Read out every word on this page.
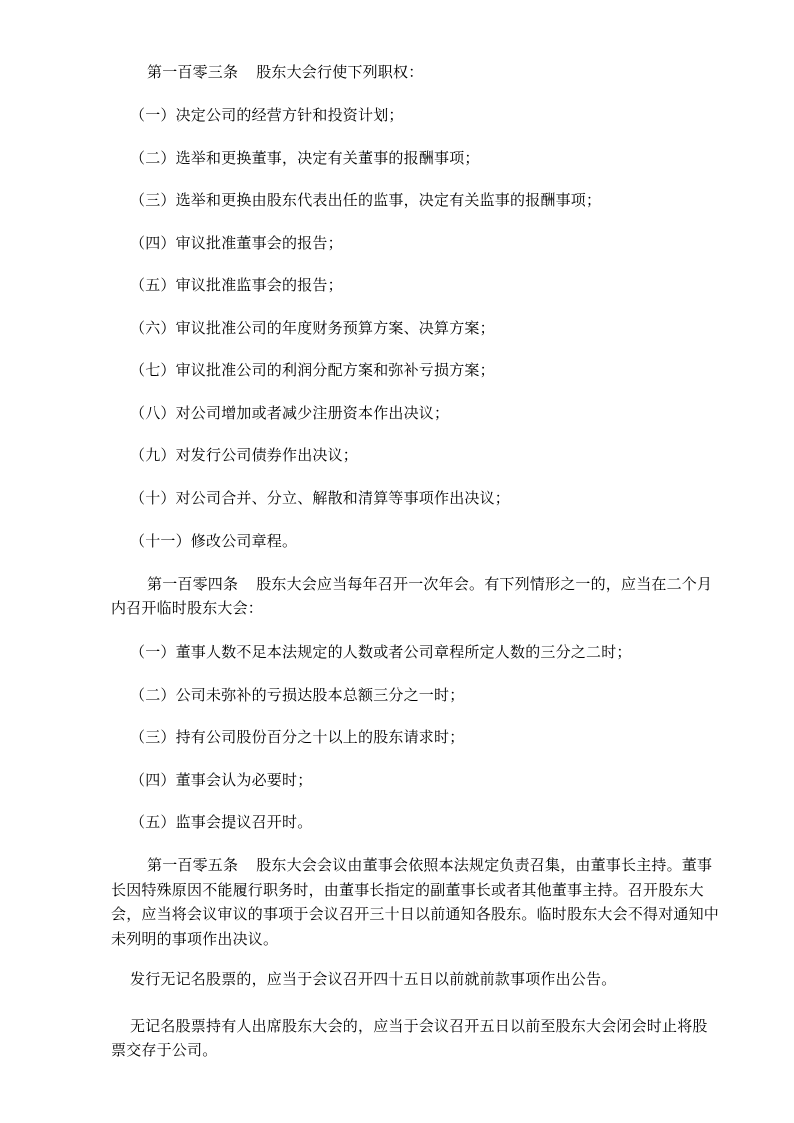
第一百零三条 股东大会行使下列职权：
（一）决定公司的经营方针和投资计划；
（二）选举和更换董事，决定有关董事的报酬事项；
（三）选举和更换由股东代表出任的监事，决定有关监事的报酬事项；
（四）审议批准董事会的报告；
（五）审议批准监事会的报告；
（六）审议批准公司的年度财务预算方案、决算方案；
（七）审议批准公司的利润分配方案和弥补亏损方案；
（八）对公司增加或者减少注册资本作出决议；
（九）对发行公司债券作出决议；
（十）对公司合并、分立、解散和清算等事项作出决议；
（十一）修改公司章程。
第一百零四条 股东大会应当每年召开一次年会。有下列情形之一的，应当在二个月
内召开临时股东大会：
（一）董事人数不足本法规定的人数或者公司章程所定人数的三分之二时；
（二）公司未弥补的亏损达股本总额三分之一时；
（三）持有公司股份百分之十以上的股东请求时；
（四）董事会认为必要时；
（五）监事会提议召开时。
第一百零五条 股东大会会议由董事会依照本法规定负责召集，由董事长主持。董事
长因特殊原因不能履行职务时，由董事长指定的副董事长或者其他董事主持。召开股东大
会，应当将会议审议的事项于会议召开三十日以前通知各股东。临时股东大会不得对通知中
未列明的事项作出决议。
发行无记名股票的，应当于会议召开四十五日以前就前款事项作出公告。
无记名股票持有人出席股东大会的，应当于会议召开五日以前至股东大会闭会时止将股
票交存于公司。
